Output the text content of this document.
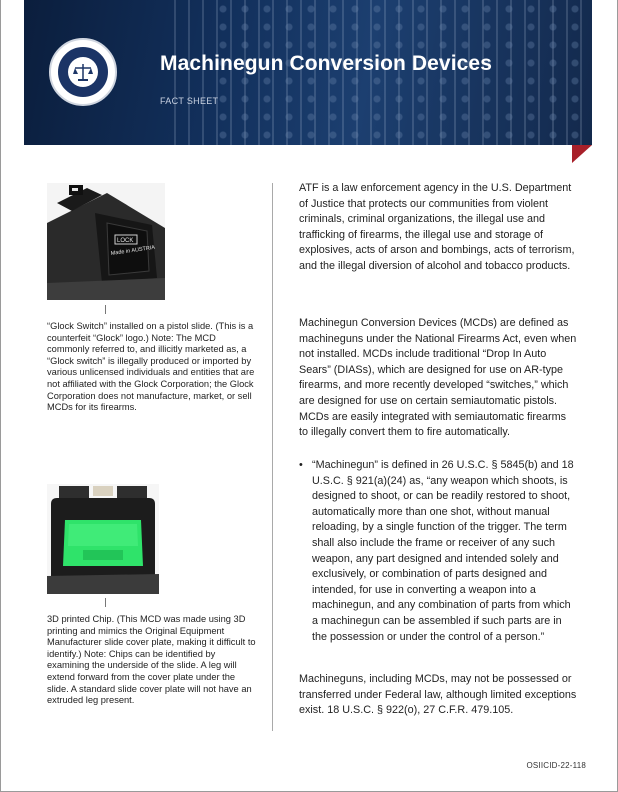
Machinegun Conversion Devices
FACT SHEET
LOCK
Made in AUSTRIA
“Glock Switch” installed on a pistol slide. (This is a counterfeit “Glock” logo.) Note: The MCD commonly referred to, and illicitly marketed as, a “Glock switch” is illegally produced or imported by various unlicensed individuals and entities that are not affiliated with the Glock Corporation; the Glock Corporation does not manufacture, market, or sell MCDs for its firearms.
3D printed Chip. (This MCD was made using 3D printing and mimics the Original Equipment Manufacturer slide cover plate, making it difficult to identify.) Note: Chips can be identified by examining the underside of the slide. A leg will extend forward from the cover plate under the slide. A standard slide cover plate will not have an extruded leg present.
ATF is a law enforcement agency in the U.S. Department of Justice that protects our communities from violent criminals, criminal organizations, the illegal use and trafficking of firearms, the illegal use and storage of explosives, acts of arson and bombings, acts of terrorism, and the illegal diversion of alcohol and tobacco products.
Machinegun Conversion Devices (MCDs) are defined as machineguns under the National Firearms Act, even when not installed. MCDs include traditional “Drop In Auto Sears” (DIASs), which are designed for use on AR-type firearms, and more recently developed “switches,” which are designed for use on certain semiautomatic pistols. MCDs are easily integrated with semiautomatic firearms to illegally convert them to fire automatically.
• “Machinegun” is defined in 26 U.S.C. § 5845(b) and 18 U.S.C. § 921(a)(24) as, “any weapon which shoots, is designed to shoot, or can be readily restored to shoot, automatically more than one shot, without manual reloading, by a single function of the trigger. The term shall also include the frame or receiver of any such weapon, any part designed and intended solely and exclusively, or combination of parts designed and intended, for use in converting a weapon into a machinegun, and any combination of parts from which a machinegun can be assembled if such parts are in the possession or under the control of a person.”
Machineguns, including MCDs, may not be possessed or transferred under Federal law, although limited exceptions exist. 18 U.S.C. § 922(o), 27 C.F.R. 479.105.
OSIICID-22-118
